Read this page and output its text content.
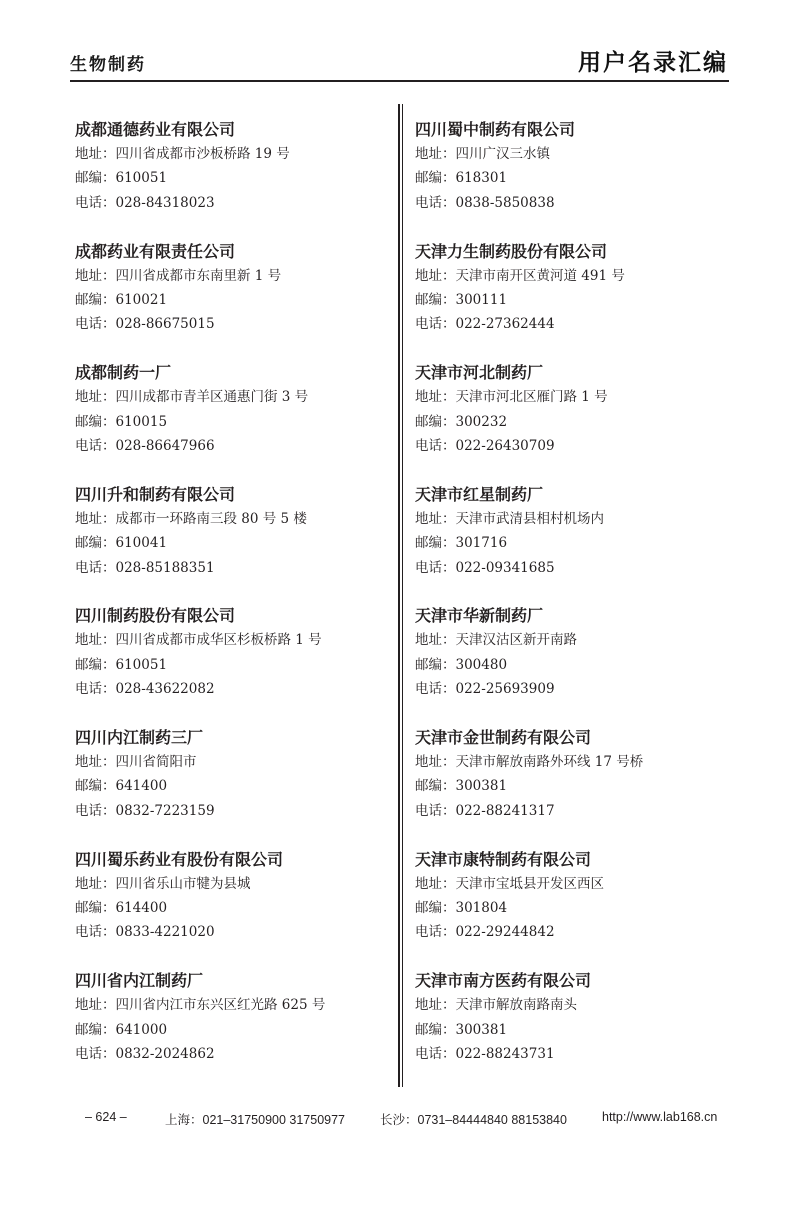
生物制药	用户名录汇编
成都通德药业有限公司
地址：四川省成都市沙板桥路 19 号
邮编：610051
电话：028-84318023
成都药业有限责任公司
地址：四川省成都市东南里新 1 号
邮编：610021
电话：028-86675015
成都制药一厂
地址：四川成都市青羊区通惠门街 3 号
邮编：610015
电话：028-86647966
四川升和制药有限公司
地址：成都市一环路南三段 80 号 5 楼
邮编：610041
电话：028-85188351
四川制药股份有限公司
地址：四川省成都市成华区杉板桥路 1 号
邮编：610051
电话：028-43622082
四川内江制药三厂
地址：四川省简阳市
邮编：641400
电话：0832-7223159
四川蜀乐药业有股份有限公司
地址：四川省乐山市犍为县城
邮编：614400
电话：0833-4221020
四川省内江制药厂
地址：四川省内江市东兴区红光路 625 号
邮编：641000
电话：0832-2024862
四川蜀中制药有限公司
地址：四川广汉三水镇
邮编：618301
电话：0838-5850838
天津力生制药股份有限公司
地址：天津市南开区黄河道 491 号
邮编：300111
电话：022-27362444
天津市河北制药厂
地址：天津市河北区雁门路 1 号
邮编：300232
电话：022-26430709
天津市红星制药厂
地址：天津市武清县相村机场内
邮编：301716
电话：022-09341685
天津市华新制药厂
地址：天津汉沽区新开南路
邮编：300480
电话：022-25693909
天津市金世制药有限公司
地址：天津市解放南路外环线 17 号桥
邮编：300381
电话：022-88241317
天津市康特制药有限公司
地址：天津市宝坻县开发区西区
邮编：301804
电话：022-29244842
天津市南方医药有限公司
地址：天津市解放南路南头
邮编：300381
电话：022-88243731
– 624 –	上海：021–31750900 31750977	长沙：0731–84444840 88153840	http://www.lab168.cn
